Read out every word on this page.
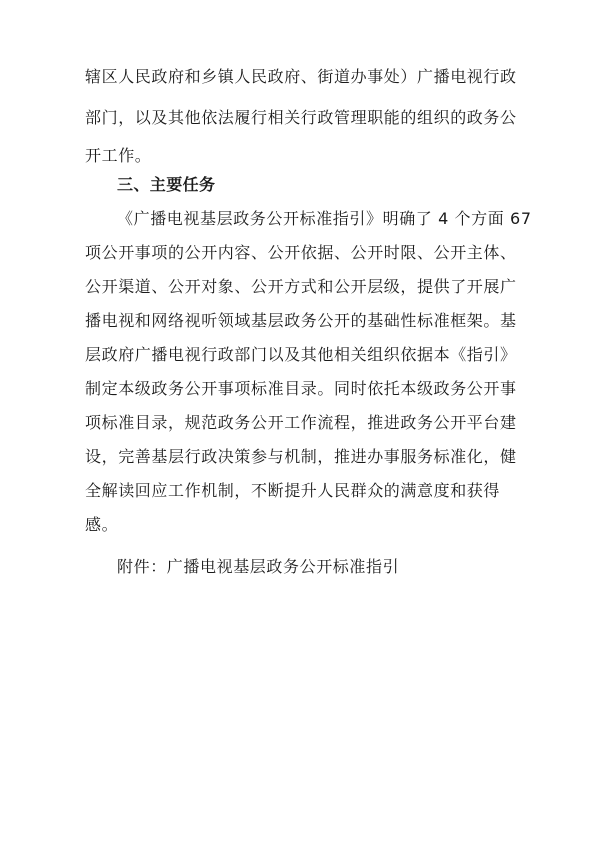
辖区人民政府和乡镇人民政府、街道办事处）广播电视行政
部门，以及其他依法履行相关行政管理职能的组织的政务公
开工作。
三、主要任务
《广播电视基层政务公开标准指引》明确了 4 个方面 67
项公开事项的公开内容、公开依据、公开时限、公开主体、
公开渠道、公开对象、公开方式和公开层级，提供了开展广
播电视和网络视听领域基层政务公开的基础性标准框架。基
层政府广播电视行政部门以及其他相关组织依据本《指引》
制定本级政务公开事项标准目录。同时依托本级政务公开事
项标准目录，规范政务公开工作流程，推进政务公开平台建
设，完善基层行政决策参与机制，推进办事服务标准化，健
全解读回应工作机制，不断提升人民群众的满意度和获得
感。
附件：广播电视基层政务公开标准指引
